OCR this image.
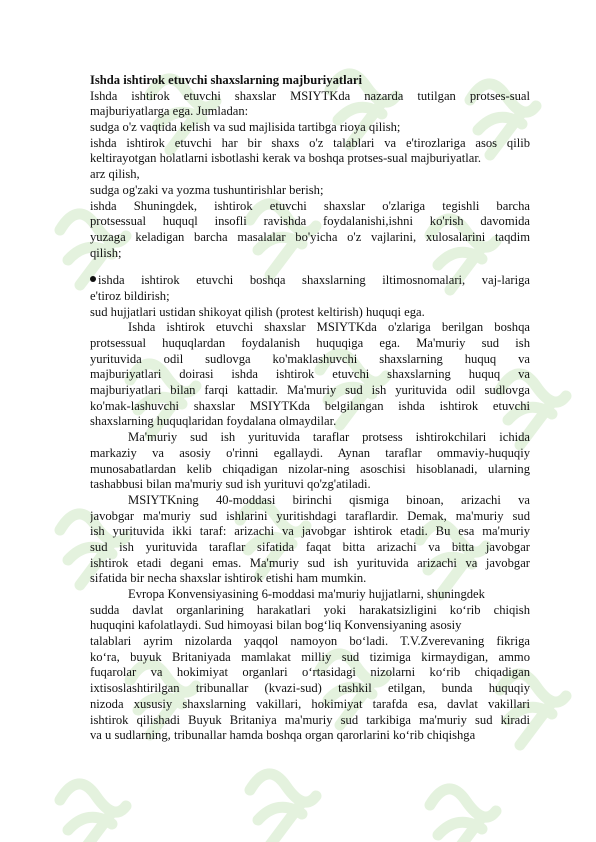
Ishda ishtirok etuvchi shaxslarning majburiyatlari
Ishda ishtirok etuvchi shaxslar MSIYTKda nazarda tutilgan protses-sual
majburiyatlarga ega. Jumladan:
sudga o'z vaqtida kelish va sud majlisida tartibga rioya qilish;
ishda ishtirok etuvchi har bir shaxs o'z talablari va e'tirozlariga asos qilib
keltirayotgan holatlarni isbotlashi kerak va boshqa protses-sual majburiyatlar.
arz qilish,
sudga og'zaki va yozma tushuntirishlar berish;
ishda Shuningdek, ishtirok etuvchi shaxslar o'zlariga tegishli barcha
protsessual huquql insofli ravishda foydalanishi,ishni ko'rish davomida
yuzaga keladigan barcha masalalar bo'yicha o'z vajlarini, xulosalarini taqdim
qilish;
ishda ishtirok etuvchi boshqa shaxslarning iltimosnomalari, vaj-lariga
e'tiroz bildirish;
sud hujjatlari ustidan shikoyat qilish (protest keltirish) huquqi ega.
Ishda ishtirok etuvchi shaxslar MSIYTKda o'zlariga berilgan boshqa
protsessual huquqlardan foydalanish huquqiga ega. Ma'muriy sud ish
yurituvida odil sudlovga ko'maklashuvchi shaxslarning huquq va
majburiyatlari doirasi ishda ishtirok etuvchi shaxslarning huquq va
majburiyatlari bilan farqi kattadir. Ma'muriy sud ish yuritu​vida odil sudlovga
ko'mak-lashuvchi shaxslar MSIYTKda belgilangan ishda ishtirok etuvchi
shaxslarning huquqlaridan foydalana olmaydilar.
Ma'muriy sud ish yurituvida taraflar protsess ishtirokchilari ichida
markaziy va asosiy o'rinni egallaydi. Aynan taraflar ommaviy-huquqiy
munosabatlardan kelib chiqadigan nizolar-ning asoschisi hisoblanadi, ularning
tashabbusi bilan ma'muriy sud ish yurituvi qo'zg'atiladi.
MSIYTKning 40-moddasi birinchi qismiga binoan, arizachi va
javobgar ma'muriy sud ishlarini yuritishdagi taraflardir. Demak, ma'muriy sud
ish yurituvida ikki taraf: arizachi va javobgar ishtirok etadi. Bu esa ma'muriy
sud ish yurituvida taraflar sifatida faqat bitta arizachi va bitta javobgar
ishtirok etadi degani emas. Ma'muriy sud ish yurituvida arizachi va javobgar
sifatida bir necha shaxslar ishtirok etishi ham mumkin.
Evropa Konvensiyasining 6-moddasi ma'muriy hujjatlarni, shuningdek
sudda davlat organlarining harakatlari yoki harakatsizligini ko‘rib chiqish
huquqini kafolatlaydi. Sud himoyasi bilan bog‘liq Konvensiyaning asosiy
talablari ayrim nizolarda yaqqol namoyon bo‘ladi. T.V.Zverevaning fikriga
ko‘ra, buyuk Britaniyada mamlakat milliy sud tizimiga kirmaydigan, ammo
fuqarolar va hokimiyat organlari o‘rtasidagi nizolarni ko‘rib chiqadigan
ixtisoslashtirilgan tribunallar (kvazi-sud) tashkil etilgan, bunda huquqiy
nizoda xususiy shaxslarning vakillari, hokimiyat tarafda esa, davlat vakillari
ishtirok qilishadi Buyuk Britaniya ma'muriy sud tarkibiga ma'muriy sud kiradi
va u sudlarning, tribunallar hamda boshqa organ qarorlarini ko‘rib chiqishga
